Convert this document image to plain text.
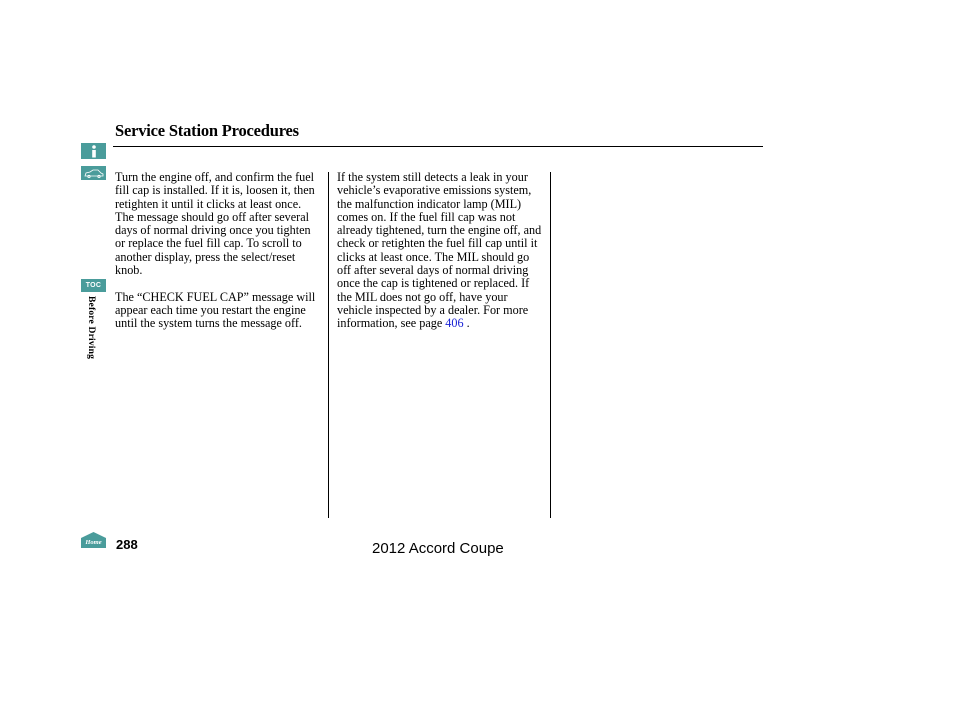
Service Station Procedures
TOC
Before Driving

Turn the engine off, and confirm the fuel fill cap is installed. If it is, loosen it, then retighten it until it clicks at least once. The message should go off after several days of normal driving once you tighten or replace the fuel fill cap. To scroll to another display, press the select/reset knob.

The “CHECK FUEL CAP” message will appear each time you restart the engine until the system turns the message off.

If the system still detects a leak in your vehicle’s evaporative emissions system, the malfunction indicator lamp (MIL) comes on. If the fuel fill cap was not already tightened, turn the engine off, and check or retighten the fuel fill cap until it clicks at least once. The MIL should go off after several days of normal driving once the cap is tightened or replaced. If the MIL does not go off, have your vehicle inspected by a dealer. For more information, see page 406 .

Home 288	2012 Accord Coupe
